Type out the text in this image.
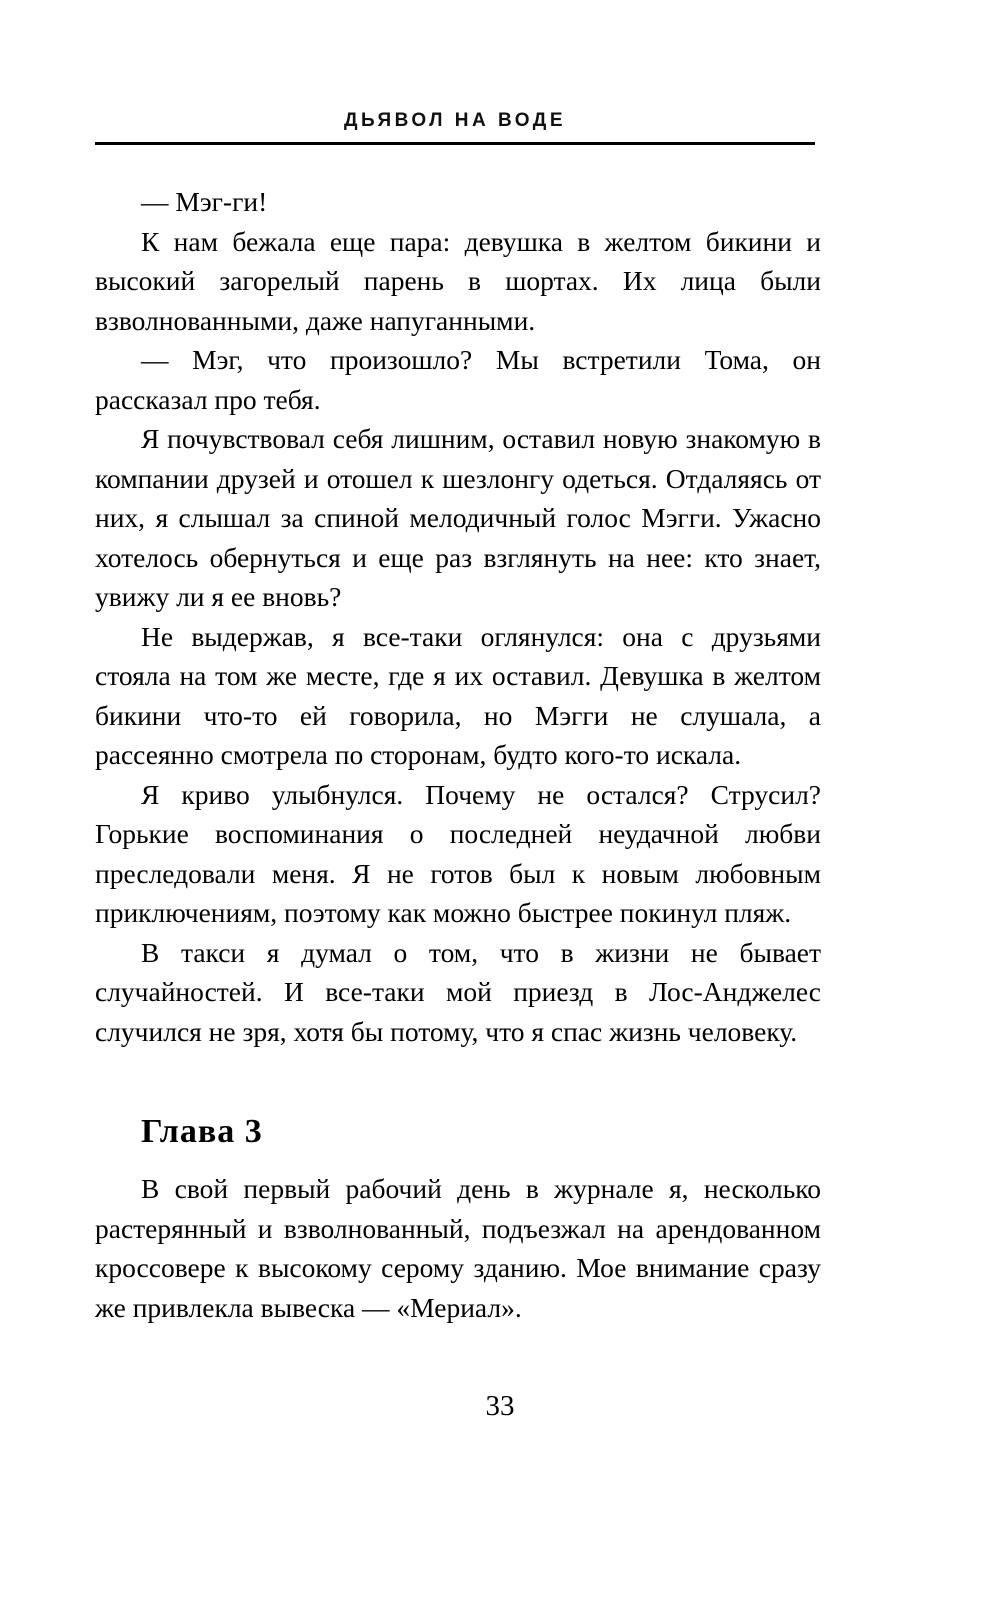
ДЬЯВОЛ НА ВОДЕ

— Мэг-ги!

К нам бежала еще пара: девушка в желтом бикини и высокий загорелый парень в шортах. Их лица были взволнованными, даже напуганными.

— Мэг, что произошло? Мы встретили Тома, он рассказал про тебя.

Я почувствовал себя лишним, оставил новую знакомую в компании друзей и отошел к шезлонгу одеться. Отдаляясь от них, я слышал за спиной мелодичный голос Мэгги. Ужасно хотелось обернуться и еще раз взглянуть на нее: кто знает, увижу ли я ее вновь?

Не выдержав, я все-таки оглянулся: она с друзьями стояла на том же месте, где я их оставил. Девушка в желтом бикини что-то ей говорила, но Мэгги не слушала, а рассеянно смотрела по сторонам, будто кого-то искала.

Я криво улыбнулся. Почему не остался? Струсил? Горькие воспоминания о последней неудачной любви преследовали меня. Я не готов был к новым любовным приключениям, поэтому как можно быстрее покинул пляж.

В такси я думал о том, что в жизни не бывает случайностей. И все-таки мой приезд в Лос-Анджелес случился не зря, хотя бы потому, что я спас жизнь человеку.

Глава 3

В свой первый рабочий день в журнале я, несколько растерянный и взволнованный, подъезжал на арендованном кроссовере к высокому серому зданию. Мое внимание сразу же привлекла вывеска — «Мериал».

33
